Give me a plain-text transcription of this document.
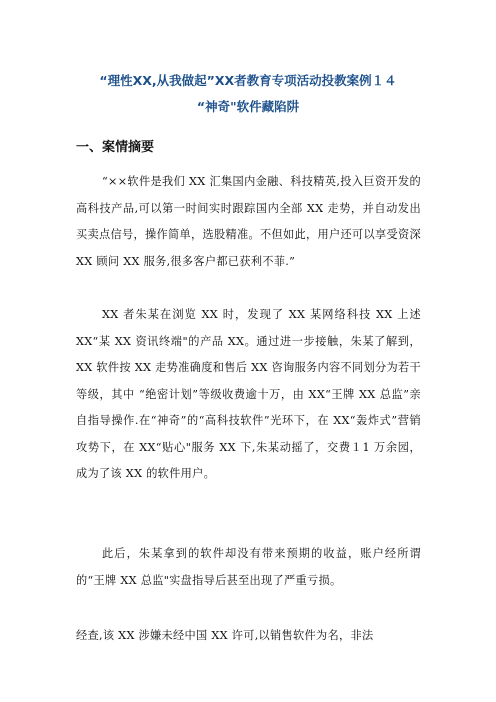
“理性XX,从我做起”XX者教育专项活动投教案例１４
“神奇"软件藏陷阱
一、案情摘要

“××软件是我们 XX 汇集国内金融、科技精英,投入巨资开发的高科技产品,可以第一时间实时跟踪国内全部 XX 走势，并自动发出买卖点信号，操作简单，选股精准。不但如此，用户还可以享受资深 XX 顾问 XX 服务,很多客户都已获利不菲.”

XX 者朱某在浏览 XX 时，发现了 XX 某网络科技 XX 上述 XX“某 XX 资讯终端"的产品 XX。通过进一步接触，朱某了解到，XX 软件按 XX 走势准确度和售后 XX 咨询服务内容不同划分为若干等级，其中 “绝密计划”等级收费逾十万，由 XX“王牌 XX 总监”亲自指导操作.在“神奇”的“高科技软件”光环下，在 XX“轰炸式”营销攻势下，在 XX“贴心"服务 XX 下,朱某动摇了，交费１1 万余园，成为了该 XX 的软件用户。

此后，朱某拿到的软件却没有带来预期的收益，账户经所谓的“王牌 XX 总监"实盘指导后甚至出现了严重亏损。

经查,该 XX 涉嫌未经中国 XX 许可,以销售软件为名，非法
